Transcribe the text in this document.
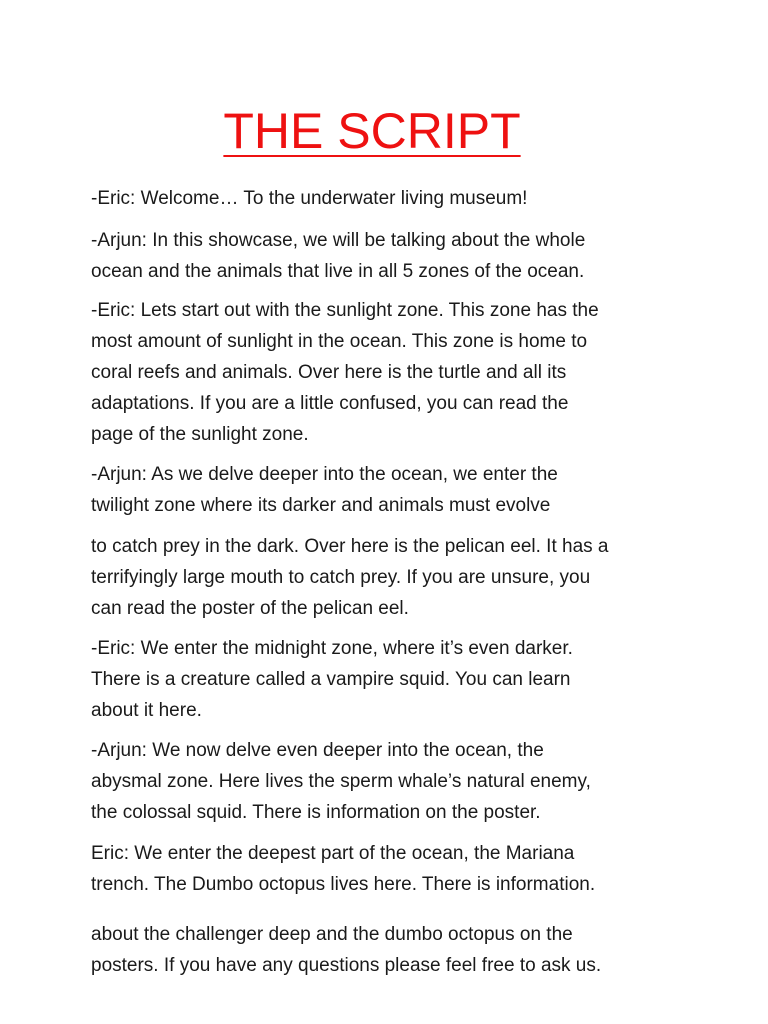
THE SCRIPT

-Eric: Welcome… To the underwater living museum!

-Arjun: In this showcase, we will be talking about the whole
ocean and the animals that live in all 5 zones of the ocean.

-Eric: Lets start out with the sunlight zone. This zone has the
most amount of sunlight in the ocean. This zone is home to
coral reefs and animals. Over here is the turtle and all its
adaptations. If you are a little confused, you can read the
page of the sunlight zone.

-Arjun: As we delve deeper into the ocean, we enter the
twilight zone where its darker and animals must evolve

to catch prey in the dark. Over here is the pelican eel. It has a
terrifyingly large mouth to catch prey. If you are unsure, you
can read the poster of the pelican eel.

-Eric: We enter the midnight zone, where it’s even darker.
There is a creature called a vampire squid. You can learn
about it here.

-Arjun: We now delve even deeper into the ocean, the
abysmal zone. Here lives the sperm whale’s natural enemy,
the colossal squid. There is information on the poster.

Eric: We enter the deepest part of the ocean, the Mariana
trench. The Dumbo octopus lives here. There is information.

about the challenger deep and the dumbo octopus on the
posters. If you have any questions please feel free to ask us.
